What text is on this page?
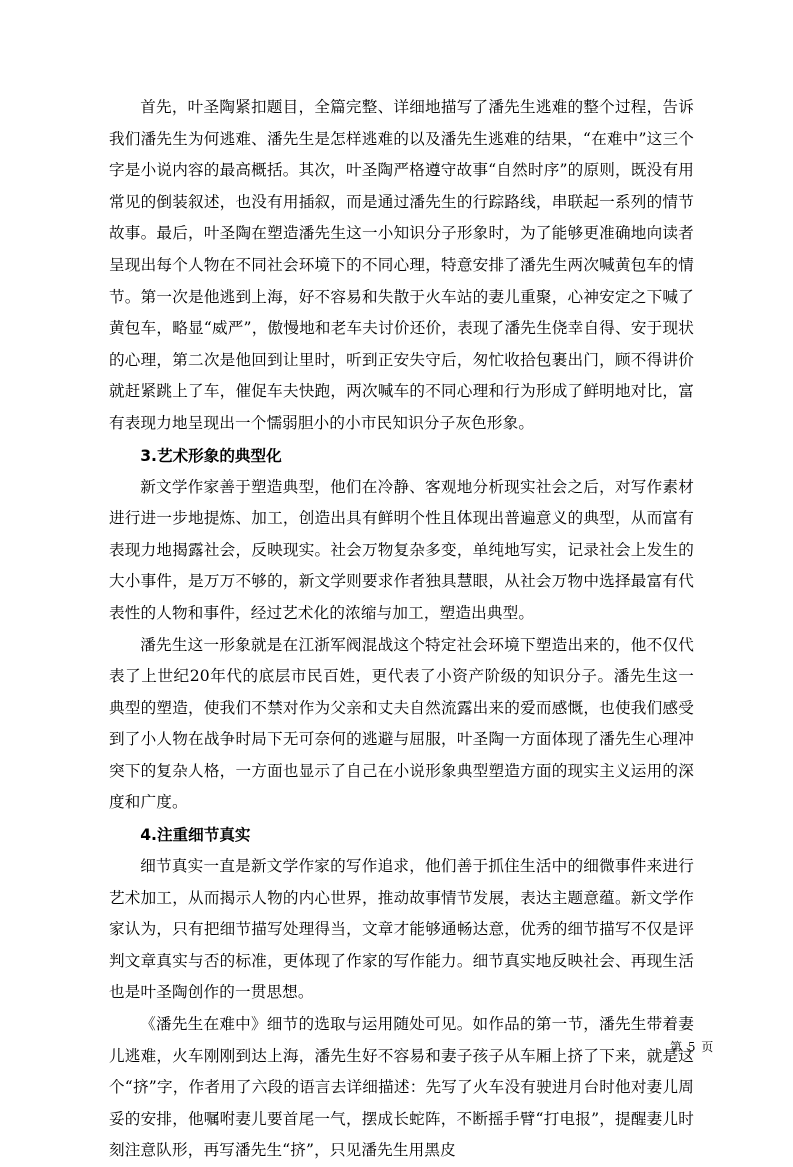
首先，叶圣陶紧扣题目，全篇完整、详细地描写了潘先生逃难的整个过程，告诉我们潘先生为何逃难、潘先生是怎样逃难的以及潘先生逃难的结果，“在难中”这三个字是小说内容的最高概括。其次，叶圣陶严格遵守故事“自然时序”的原则，既没有用常见的倒装叙述，也没有用插叙，而是通过潘先生的行踪路线，串联起一系列的情节故事。最后，叶圣陶在塑造潘先生这一小知识分子形象时，为了能够更准确地向读者呈现出每个人物在不同社会环境下的不同心理，特意安排了潘先生两次喊黄包车的情节。第一次是他逃到上海，好不容易和失散于火车站的妻儿重聚，心神安定之下喊了黄包车，略显“威严”，傲慢地和老车夫讨价还价，表现了潘先生侥幸自得、安于现状的心理，第二次是他回到让里时，听到正安失守后，匆忙收拾包裹出门，顾不得讲价就赶紧跳上了车，催促车夫快跑，两次喊车的不同心理和行为形成了鲜明地对比，富有表现力地呈现出一个懦弱胆小的小市民知识分子灰色形象。

3.艺术形象的典型化

新文学作家善于塑造典型，他们在冷静、客观地分析现实社会之后，对写作素材进行进一步地提炼、加工，创造出具有鲜明个性且体现出普遍意义的典型，从而富有表现力地揭露社会，反映现实。社会万物复杂多变，单纯地写实，记录社会上发生的大小事件，是万万不够的，新文学则要求作者独具慧眼，从社会万物中选择最富有代表性的人物和事件，经过艺术化的浓缩与加工，塑造出典型。

潘先生这一形象就是在江浙军阀混战这个特定社会环境下塑造出来的，他不仅代表了上世纪20年代的底层市民百姓，更代表了小资产阶级的知识分子。潘先生这一典型的塑造，使我们不禁对作为父亲和丈夫自然流露出来的爱而感慨，也使我们感受到了小人物在战争时局下无可奈何的逃避与屈服，叶圣陶一方面体现了潘先生心理冲突下的复杂人格，一方面也显示了自己在小说形象典型塑造方面的现实主义运用的深度和广度。

4.注重细节真实

细节真实一直是新文学作家的写作追求，他们善于抓住生活中的细微事件来进行艺术加工，从而揭示人物的内心世界，推动故事情节发展，表达主题意蕴。新文学作家认为，只有把细节描写处理得当，文章才能够通畅达意，优秀的细节描写不仅是评判文章真实与否的标准，更体现了作家的写作能力。细节真实地反映社会、再现生活也是叶圣陶创作的一贯思想。

《潘先生在难中》细节的选取与运用随处可见。如作品的第一节，潘先生带着妻儿逃难，火车刚刚到达上海，潘先生好不容易和妻子孩子从车厢上挤了下来，就是这个“挤”字，作者用了六段的语言去详细描述：先写了火车没有驶进月台时他对妻儿周妥的安排，他嘱咐妻儿要首尾一气，摆成长蛇阵，不断摇手臂“打电报”，提醒妻儿时刻注意队形，再写潘先生“挤”，只见潘先生用黑皮

第 5 页
